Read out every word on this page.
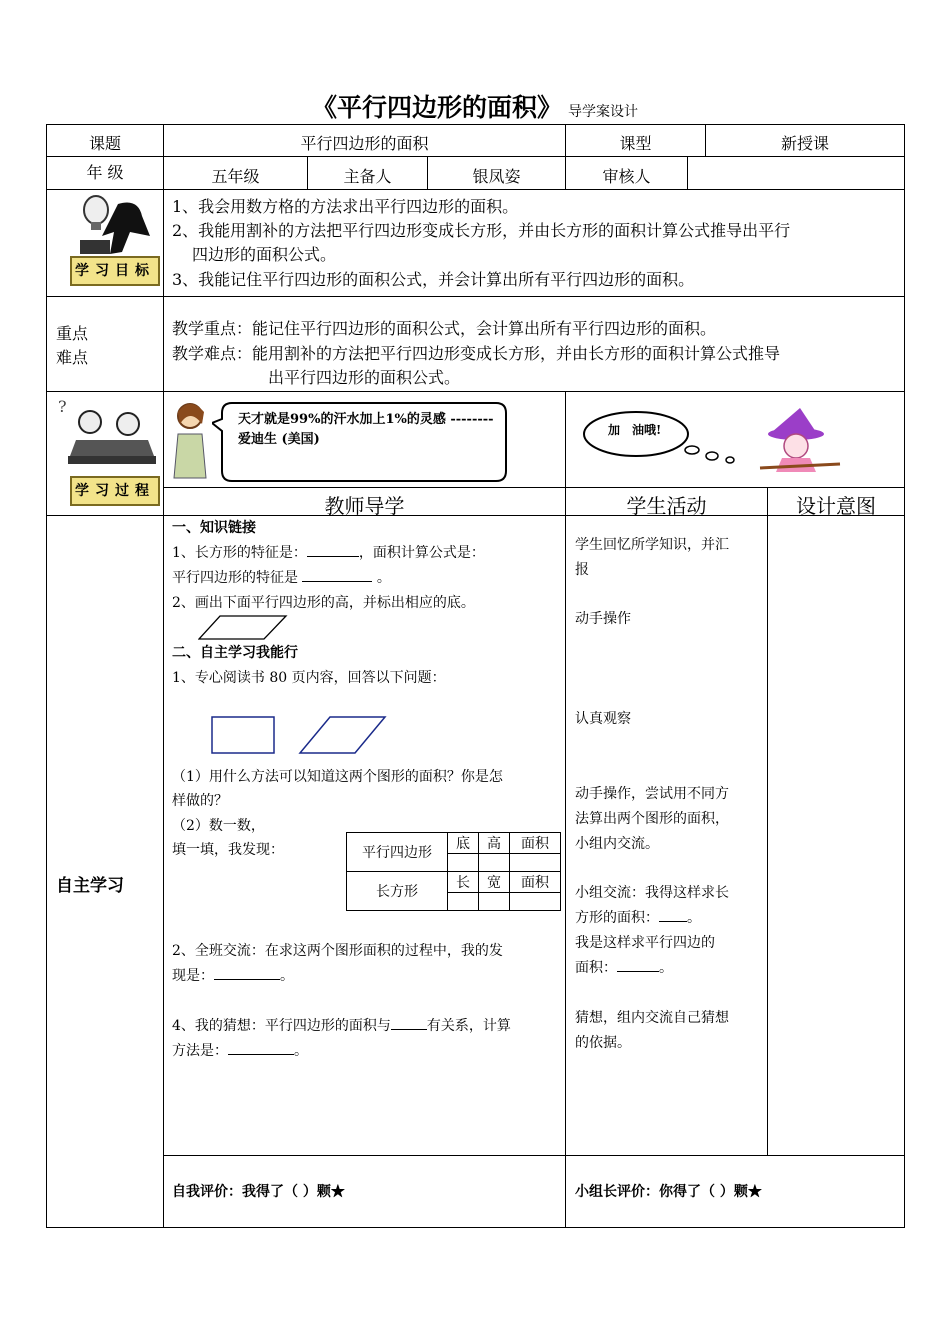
《平行四边形的面积》 导学案设计
课题	平行四边形的面积	课型	新授课
年 级	五年级	主备人	银凤姿	审核人
学习目标
1、我会用数方格的方法求出平行四边形的面积。
2、我能用割补的方法把平行四边形变成长方形，并由长方形的面积计算公式推导出平行
四边形的面积公式。
3、我能记住平行四边形的面积公式，并会计算出所有平行四边形的面积。
重点
难点
教学重点：能记住平行四边形的面积公式，会计算出所有平行四边形的面积。
教学难点：能用割补的方法把平行四边形变成长方形，并由长方形的面积计算公式推导
出平行四边形的面积公式。
?
学习过程
天才就是99%的汗水加上1%的灵感 -------- 爱迪生 (美国)
加　油哦!
教师导学	学生活动	设计意图
自主学习
一、知识链接
1、长方形的特征是：	，面积计算公式是：
平行四边形的特征是	。
2、画出下面平行四边形的高，并标出相应的底。
二、自主学习我能行
1、专心阅读书 80 页内容，回答以下问题：
（1）用什么方法可以知道这两个图形的面积？你是怎
样做的？
（2）数一数，
填一填，我发现：	平行四边形	底	高	面积

长方形	长	宽	面积

2、全班交流：在求这两个图形面积的过程中，我的发
现是：	。
4、我的猜想：平行四边形的面积与	有关系，计算
方法是：	。
学生回忆所学知识，并汇
报
动手操作
认真观察
动手操作，尝试用不同方
法算出两个图形的面积，
小组内交流。
小组交流：我得这样求长
方形的面积： 。
我是这样求平行四边的
面积：	。
猜想，组内交流自己猜想
的依据。
自我评价：我得了（ ）颗★	小组长评价：你得了（ ）颗★
